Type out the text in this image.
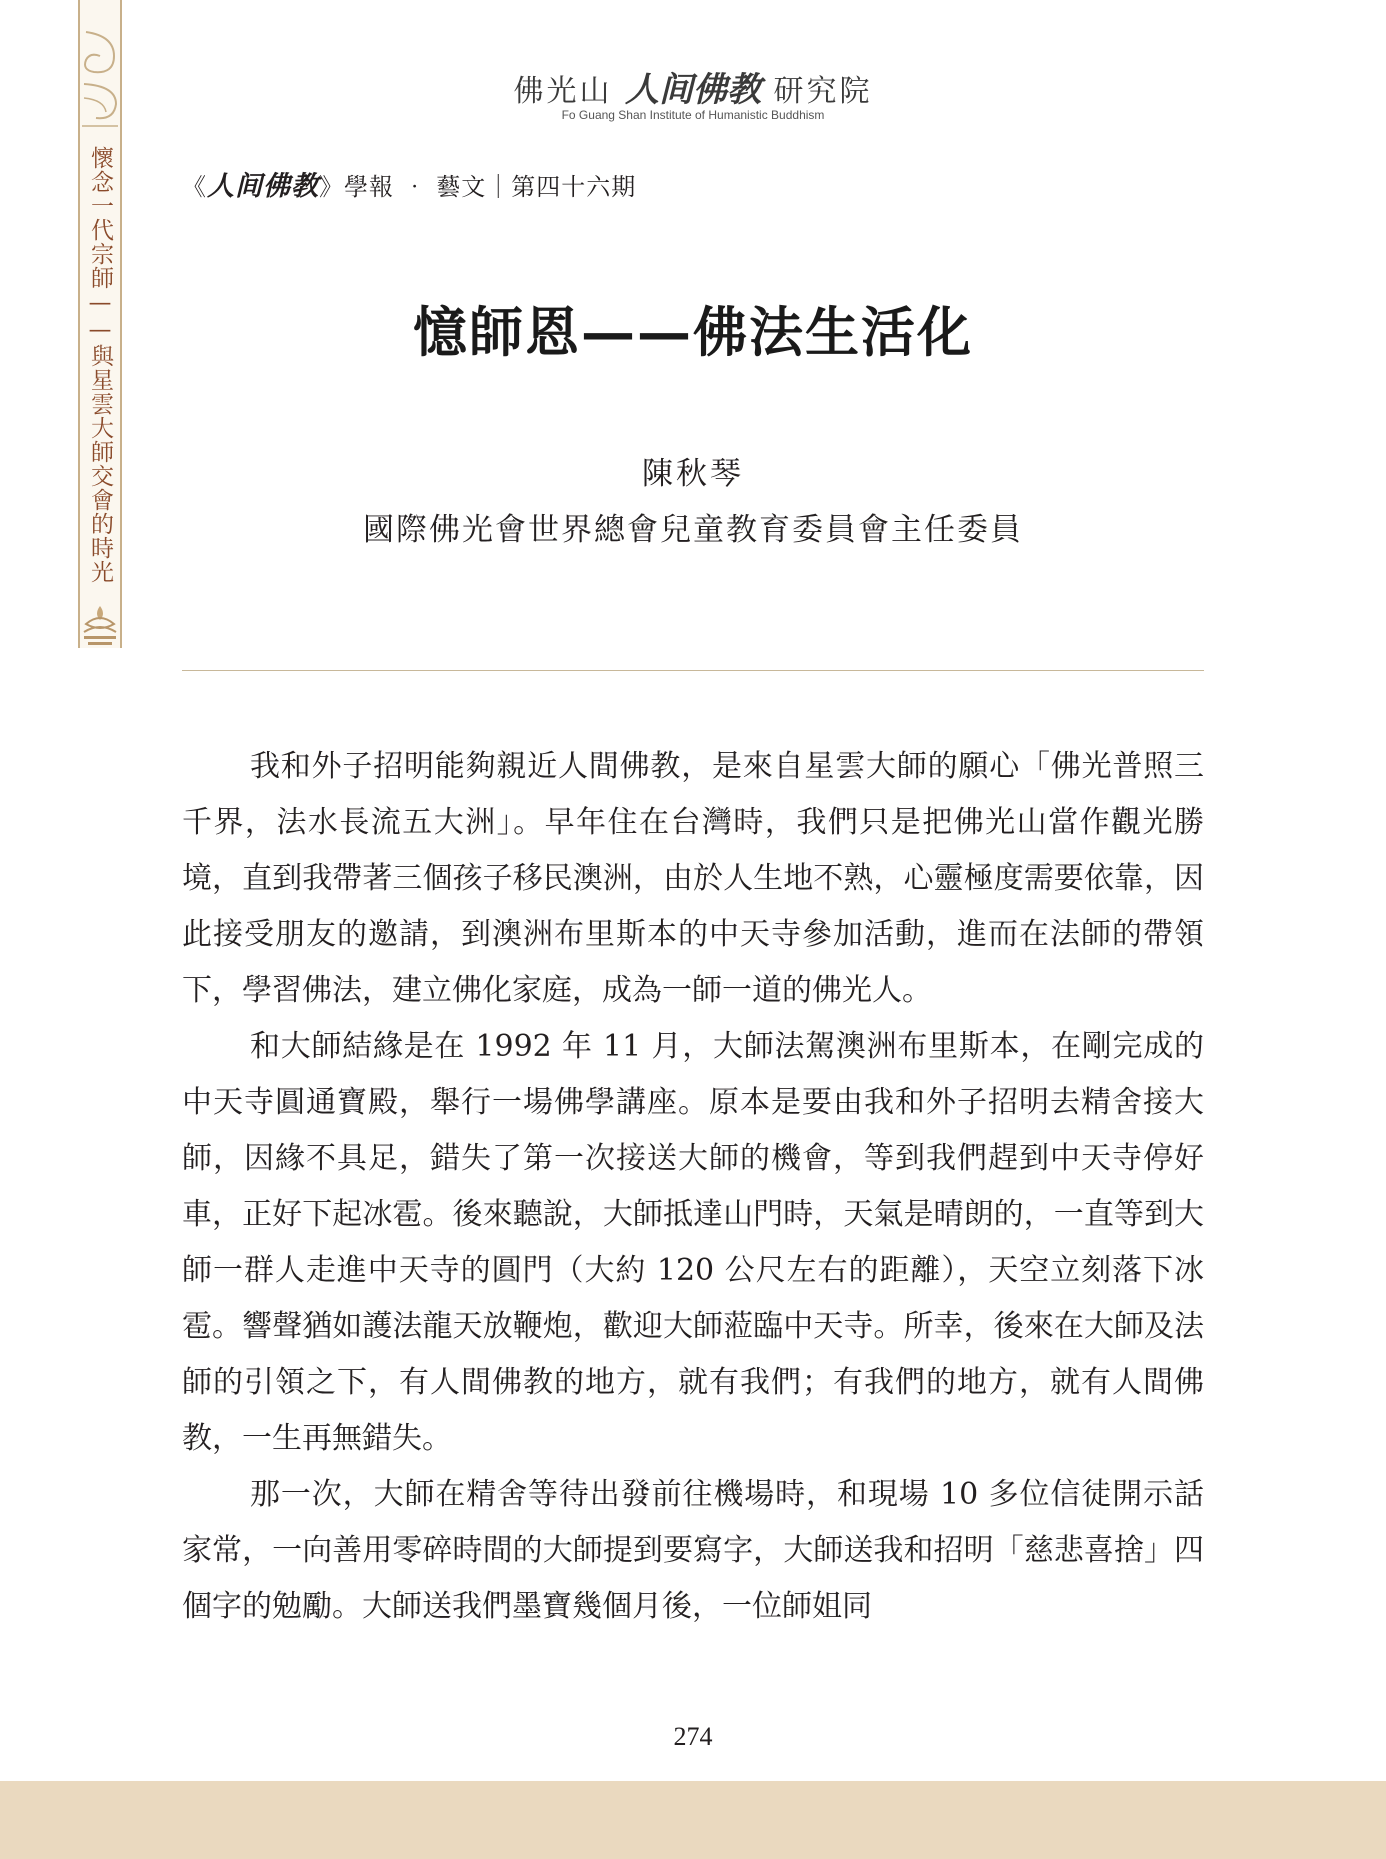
懷念一代宗師——與星雲大師交會的時光
佛光山 人间佛教 研究院
Fo Guang Shan Institute of Humanistic Buddhism
《人间佛教》學報 ‧ 藝文｜第四十六期
憶師恩——佛法生活化
陳秋琴
國際佛光會世界總會兒童教育委員會主任委員

我和外子招明能夠親近人間佛教，是來自星雲大師的願心「佛光普照三千界，法水長流五大洲」。早年住在台灣時，我們只是把佛光山當作觀光勝境，直到我帶著三個孩子移民澳洲，由於人生地不熟，心靈極度需要依靠，因此接受朋友的邀請，到澳洲布里斯本的中天寺參加活動，進而在法師的帶領下，學習佛法，建立佛化家庭，成為一師一道的佛光人。

和大師結緣是在 1992 年 11 月，大師法駕澳洲布里斯本，在剛完成的中天寺圓通寶殿，舉行一場佛學講座。原本是要由我和外子招明去精舍接大師，因緣不具足，錯失了第一次接送大師的機會，等到我們趕到中天寺停好車，正好下起冰雹。後來聽說，大師抵達山門時，天氣是晴朗的，一直等到大師一群人走進中天寺的圓門（大約 120 公尺左右的距離），天空立刻落下冰雹。響聲猶如護法龍天放鞭炮，歡迎大師蒞臨中天寺。所幸，後來在大師及法師的引領之下，有人間佛教的地方，就有我們；有我們的地方，就有人間佛教，一生再無錯失。

那一次，大師在精舍等待出發前往機場時，和現場 10 多位信徒開示話家常，一向善用零碎時間的大師提到要寫字，大師送我和招明「慈悲喜捨」四個字的勉勵。大師送我們墨寶幾個月後，一位師姐同

274
